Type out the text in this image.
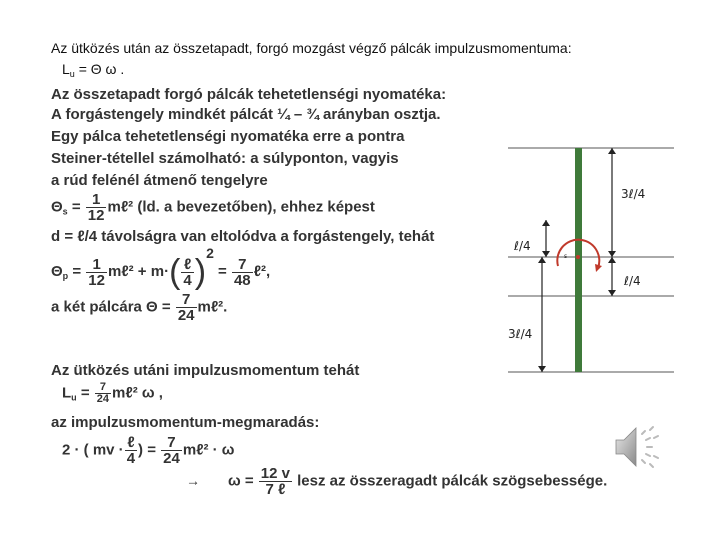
Az ütközés után az összetapadt, forgó mozgást végző pálcák impulzusmomentuma:
$L_u = \Theta$ ω .
Az összetapadt forgó pálcák tehetetlenségi nyomatéka:
A forgástengely mindkét pálcát ¼ – ¾ arányban osztja.
Egy pálca tehetetlenségi nyomatéka erre a pontra
Steiner-tétellel számolható: a súlyponton, vagyis
a rúd felénél átmenő tengelyre
$\Theta_s = \frac{1}{12}$ mℓ² (ld. a bevezetőben), ehhez képest
d = ℓ/4 távolságra van eltolódva a forgástengely, tehát
$\Theta_p = \frac{1}{12}$ mℓ² + $m\cdot( \frac{\text{ℓ}}{4} )2 = \frac{7}{48}$ ℓ²,
a két pálcára $\Theta = \frac{7}{24}$ mℓ².
Az ütközés utáni impulzusmomentum tehát
$L_u = \frac{7}{24}$ mℓ² ω ,
az impulzusmomentum-megmaradás:
2 · ( mv · $\frac{\text{ℓ}}{4}$ ) = $\frac{7}{24}$ mℓ² · ω
→ $\omega = \frac{12 v}{\text{7 ℓ}}$ lesz az összeragadt pálcák szögsebessége.
3ℓ/4
ℓ/4
ℓ/4
3ℓ/4
s
